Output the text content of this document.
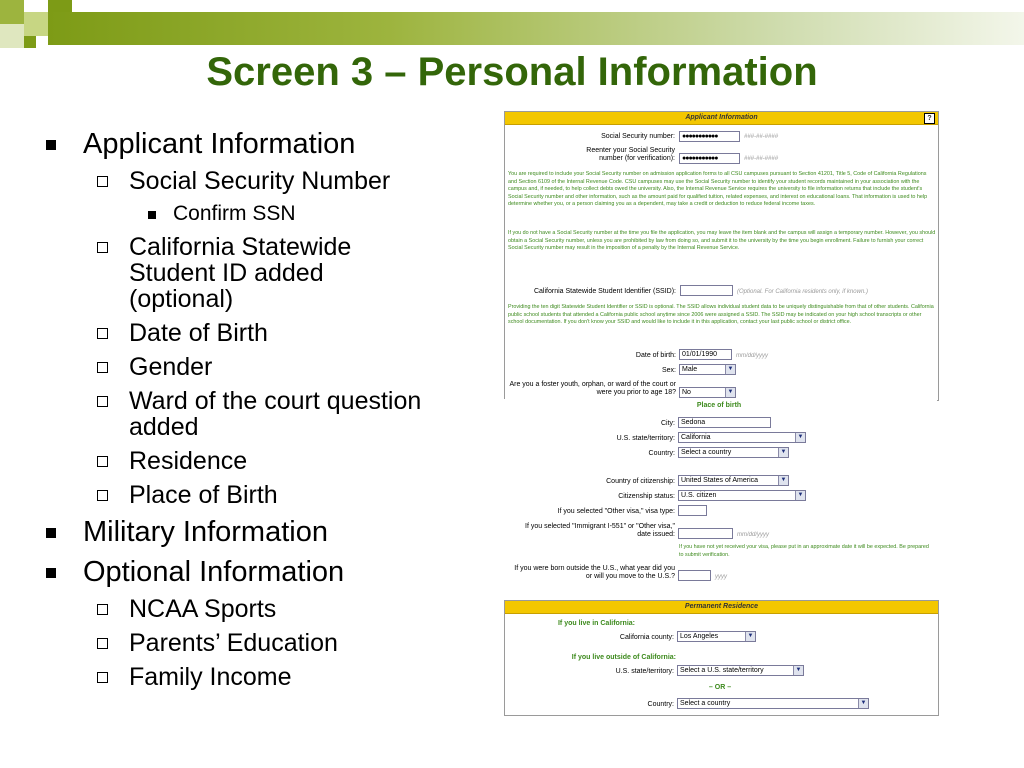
Screen 3 – Personal Information
Applicant Information
Social Security Number
Confirm SSN
California Statewide Student ID added (optional)
Date of Birth
Gender
Ward of the court question added
Residence
Place of Birth
Military Information
Optional Information
NCAA Sports
Parents’ Education
Family Income
Applicant Information	?
Social Security number:	●●●●●●●●●●●	###-##-####
Reenter your Social Security number (for verification):	●●●●●●●●●●●	###-##-####
You are required to include your Social Security number on admission application forms to all CSU campuses pursuant to Section 41201, Title 5, Code of California Regulations and Section 6109 of the Internal Revenue Code. CSU campuses may use the Social Security number to identify your student records maintained in your association with the campus and, if needed, to help collect debts owed the university. Also, the Internal Revenue Service requires the university to file information returns that include the student's Social Security number and other information, such as the amount paid for qualified tuition, related expenses, and interest on educational loans. That information is used to help determine whether you, or a person claiming you as a dependent, may take a credit or deduction to reduce federal income taxes.
If you do not have a Social Security number at the time you file the application, you may leave the item blank and the campus will assign a temporary number. However, you should obtain a Social Security number, unless you are prohibited by law from doing so, and submit it to the university by the time you begin enrollment. Failure to furnish your correct Social Security number may result in the imposition of a penalty by the Internal Revenue Service.
California Statewide Student Identifier (SSID):	(Optional. For California residents only, if known.)
Providing the ten digit Statewide Student Identifier or SSID is optional. The SSID allows individual student data to be uniquely distinguishable from that of other students. California public school students that attended a California public school anytime since 2006 were assigned a SSID. The SSID may be indicated on your high school transcripts or other school documentation. If you don't know your SSID and would like to include it in this application, contact your last public school or district office.
Date of birth: 01/01/1990	mm/dd/yyyy
Sex: Male	▼
Are you a foster youth, orphan, or ward of the court or were you prior to age 18? No	▼
Place of birth
City: Sedona
U.S. state/territory: California	▼
Country: Select a country	▼
Country of citizenship: United States of America	▼
Citizenship status: U.S. citizen	▼
If you selected "Other visa," visa type:
If you selected "Immigrant I-551" or "Other visa," date issued:	mm/dd/yyyy
If you have not yet received your visa, please put in an approximate date it will be expected. Be prepared to submit verification.
If you were born outside the U.S., what year did you or will you move to the U.S.?	yyyy
Permanent Residence
If you live in California:
California county: Los Angeles	▼
If you live outside of California:
U.S. state/territory: Select a U.S. state/territory	▼
– OR –
Country: Select a country	▼
